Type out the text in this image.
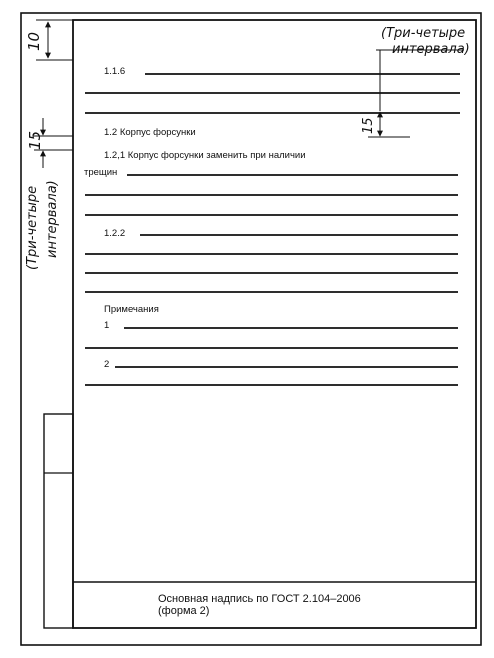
10
15
15
(Три-четыре
интервала)
(Три-четыре интервала)
1.1.6
1.2 Корпус форсунки
1.2,1 Корпус форсунки заменить при наличии
трещин
1.2.2
Примечания
1
2
Основная надпись по ГОСТ 2.104–2006
(форма 2)
